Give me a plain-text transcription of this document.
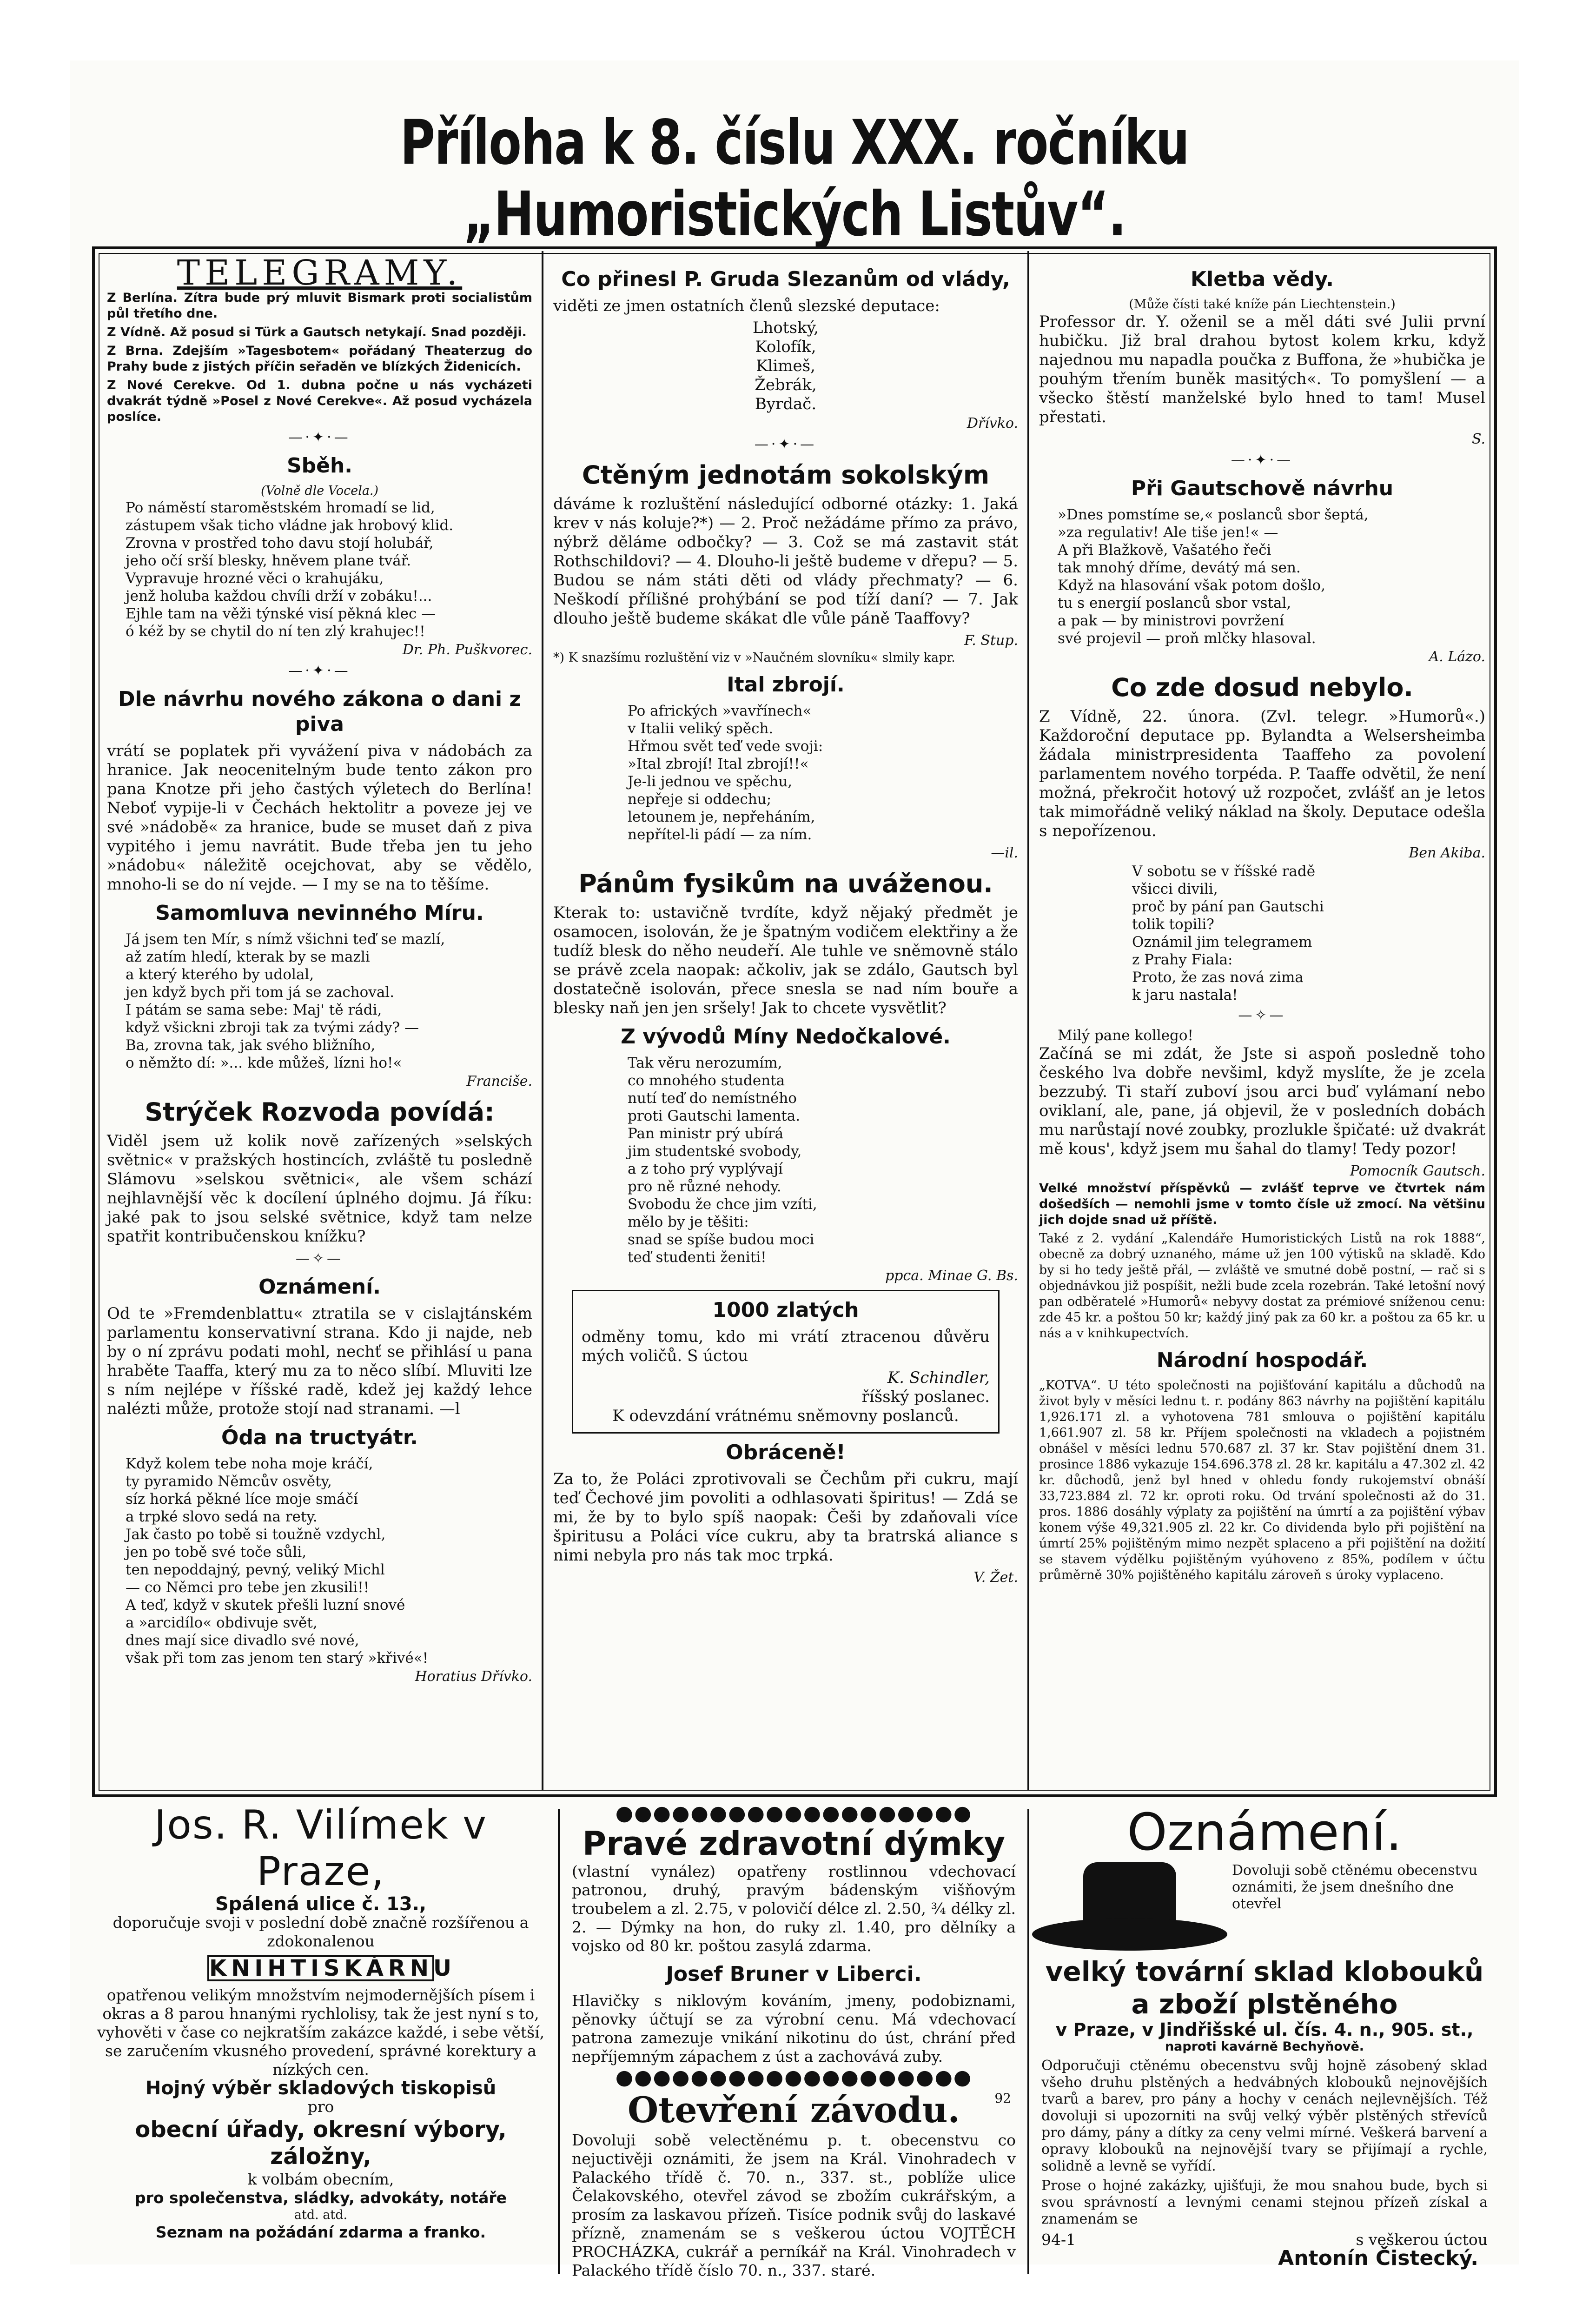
Příloha k 8. číslu XXX. ročníku „Humoristických Listův“.
TELEGRAMY.

Z Berlína. Zítra bude prý mluvit Bismark proti socialistům půl třetího dne.

Z Vídně. Až posud si Türk a Gautsch netykají. Snad později.

Z Brna. Zdejším »Tagesbotem« pořádaný Theaterzug do Prahy bude z jistých příčin seřaděn ve blízkých Židenicích.

Z Nové Cerekve. Od 1. dubna počne u nás vycházeti dvakrát týdně »Posel z Nové Cerekve«. Až posud vycházela poslíce.

—·✦·—
Sběh.
(Volně dle Vocela.)
Po náměstí staroměstském hromadí se lid,
zástupem však ticho vládne jak hrobový klid.
Zrovna v prostřed toho davu stojí holubář,
jeho očí srší blesky, hněvem plane tvář.
Vypravuje hrozné věci o krahujáku,
jenž holuba každou chvíli drží v zobáku!...
Ejhle tam na věži týnské visí pěkná klec —
ó kéž by se chytil do ní ten zlý krahujec!!
Dr. Ph. Puškvorec.
—·✦·—
Dle návrhu nového zákona o dani z piva

vrátí se poplatek při vyvážení piva v nádobách za hranice. Jak neocenitelným bude tento zákon pro pana Knotze při jeho častých výletech do Berlína! Neboť vypije-li v Čechách hektolitr a poveze jej ve své »nádobě« za hranice, bude se muset daň z piva vypitého i jemu navrátit. Bude třeba jen tu jeho »nádobu« náležitě ocejchovat, aby se vědělo, mnoho-li se do ní vejde. — I my se na to těšíme.

Samomluva nevinného Míru.
Já jsem ten Mír, s nímž všichni teď se mazlí,
až zatím hledí, kterak by se mazli
a který kterého by udolal,
jen když bych při tom já se zachoval.
I pátám se sama sebe: Maj' tě rádi,
když všickni zbroji tak za tvými zády? —
Ba, zrovna tak, jak svého bližního,
o němžto dí: »... kde můžeš, lízni ho!«
Franciše.
Strýček Rozvoda povídá:

Viděl jsem už kolik nově zařízených »selských světnic« v pražských hostincích, zvláště tu posledně Slámovu »selskou světnici«, ale všem schází nejhlavnější věc k docílení úplného dojmu. Já říku: jaké pak to jsou selské světnice, když tam nelze spatřit kontribučenskou knížku?

—✧—
Oznámení.

Od te »Fremdenblattu« ztratila se v cislajtánském parlamentu konservativní strana. Kdo ji najde, neb by o ní zprávu podati mohl, nechť se přihlásí u pana hraběte Taaffa, který mu za to něco slíbí. Mluviti lze s ním nejlépe v říšské radě, kdež jej každý lehce nalézti může, protože stojí nad stranami. —l

Óda na tructyátr.
Když kolem tebe noha moje kráčí,
ty pyramido Němcův osvěty,
síz horká pěkné líce moje smáčí
a trpké slovo sedá na rety.
Jak často po tobě si toužně vzdychl,
jen po tobě své toče sůli,
ten nepoddajný, pevný, veliký Michl
— co Němci pro tebe jen zkusili!!
A teď, když v skutek přešli luzní snové
a »arcidílo« obdivuje svět,
dnes mají sice divadlo své nové,
však při tom zas jenom ten starý »křivé«!
Horatius Dřívko.
Co přinesl P. Gruda Slezanům od vlády,

viděti ze jmen ostatních členů slezské deputace:

Lhotský,
Kolofík,
Klimeš,
Žebrák,
Byrdač.
Dřívko.
—·✦·—
Ctěným jednotám sokolským

dáváme k rozluštění následující odborné otázky: 1. Jaká krev v nás koluje?*) — 2. Proč nežádáme přímo za právo, nýbrž děláme odbočky? — 3. Což se má zastavit stát Rothschildovi? — 4. Dlouho-li ještě budeme v dřepu? — 5. Budou se nám státi děti od vlády přechmaty? — 6. Neškodí přílišné prohýbání se pod tíží daní? — 7. Jak dlouho ještě budeme skákat dle vůle páně Taaffovy?

F. Stup.

*) K snazšímu rozluštění viz v »Naučném slovníku« slmily kapr.

Ital zbrojí.
Po afrických »vavřínech«
v Italii veliký spěch.
Hřmou svět teď vede svoji:
»Ital zbrojí! Ital zbrojí!!«
Je-li jednou ve spěchu,
nepřeje si oddechu;
letounem je, nepřeháním,
nepřítel-li pádí — za ním.
—il.
Pánům fysikům na uváženou.

Kterak to: ustavičně tvrdíte, když nějaký předmět je osamocen, isolován, že je špatným vodičem elektřiny a že tudíž blesk do něho neudeří. Ale tuhle ve sněmovně stálo se právě zcela naopak: ačkoliv, jak se zdálo, Gautsch byl dostatečně isolován, přece snesla se nad ním bouře a blesky naň jen jen sršely! Jak to chcete vysvětlit?

Z vývodů Míny Nedočkalové.
Tak věru nerozumím,
co mnohého studenta
nutí teď do nemístného
proti Gautschi lamenta.
Pan ministr prý ubírá
jim studentské svobody,
a z toho prý vyplývají
pro ně různé nehody.
Svobodu že chce jim vzíti,
mělo by je těšiti:
snad se spíše budou moci
teď studenti ženiti!
ppca. Minae G. Bs.
1000 zlatých

odměny tomu, kdo mi vrátí ztracenou důvěru mých voličů. S úctou

K. Schindler,
říšský poslanec.
K odevzdání vrátnému sněmovny poslanců.
Obráceně!

Za to, že Poláci zprotivovali se Čechům při cukru, mají teď Čechové jim povoliti a odhlasovati špiritus! — Zdá se mi, že by to bylo spíš naopak: Češi by zdaňovali více špiritusu a Poláci více cukru, aby ta bratrská aliance s nimi nebyla pro nás tak moc trpká.

V. Žet.
Kletba vědy.
(Může čísti také kníže pán Liechtenstein.)

Professor dr. Y. oženil se a měl dáti své Julii první hubičku. Již bral drahou bytost kolem krku, když najednou mu napadla poučka z Buffona, že »hubička je pouhým třením buněk masitých«. To pomyšlení — a všecko štěstí manželské bylo hned to tam! Musel přestati.

S.
—·✦·—
Při Gautschově návrhu
»Dnes pomstíme se,« poslanců sbor šeptá,
»za regulativ! Ale tiše jen!« —
A při Blažkově, Vašatého řeči
tak mnohý dříme, devátý má sen.
Když na hlasování však potom došlo,
tu s energií poslanců sbor vstal,
a pak — by ministrovi povržení
své projevil — proň mlčky hlasoval.
A. Lázo.
Co zde dosud nebylo.

Z Vídně, 22. února. (Zvl. telegr. »Humorů«.) Každoroční deputace pp. Bylandta a Welsersheimba žádala ministrpresidenta Taaffeho za povolení parlamentem nového torpéda. P. Taaffe odvětil, že není možná, překročit hotový už rozpočet, zvlášť an je letos tak mimořádně veliký náklad na školy. Deputace odešla s nepořízenou.

Ben Akiba.
V sobotu se v říšské radě
všicci divili,
proč by pání pan Gautschi
tolik topili?
Oznámil jim telegramem
z Prahy Fiala:
Proto, že zas nová zima
k jaru nastala!
—✧—
Milý pane kollego!

Začíná se mi zdát, že Jste si aspoň posledně toho českého lva dobře nevšiml, když myslíte, že je zcela bezzubý. Ti staří zuboví jsou arci buď vylámaní nebo oviklaní, ale, pane, já objevil, že v posledních dobách mu narůstají nové zoubky, prozlukle špičaté: už dvakrát mě kous', když jsem mu šahal do tlamy! Tedy pozor!

Pomocník Gautsch.

Velké množství příspěvků — zvlášť teprve ve čtvrtek nám došedších — nemohli jsme v tomto čísle už zmocí. Na většinu jich dojde snad už příště.

Také z 2. vydání „Kalendáře Humoristických Listů na rok 1888“, obecně za dobrý uznaného, máme už jen 100 výtisků na skladě. Kdo by si ho tedy ještě přál, — zvláště ve smutné době postní, — rač si s objednávkou již pospíšit, nežli bude zcela rozebrán. Také letošní nový pan odběratelé »Humorů« nebyvy dostat za prémiové sníženou cenu: zde 45 kr. a poštou 50 kr; každý jiný pak za 60 kr. a poštou za 65 kr. u nás a v knihkupectvích.

Národní hospodář.

„KOTVA“. U této společnosti na pojišťování kapitálu a důchodů na život byly v měsíci lednu t. r. podány 863 návrhy na pojištění kapitálu 1,926.171 zl. a vyhotovena 781 smlouva o pojištění kapitálu 1,661.907 zl. 58 kr. Příjem společnosti na vkladech a pojistném obnášel v měsíci lednu 570.687 zl. 37 kr. Stav pojištění dnem 31. prosince 1886 vykazuje 154.696.378 zl. 28 kr. kapitálu a 47.302 zl. 42 kr. důchodů, jenž byl hned v ohledu fondy rukojemství obnáší 33,723.884 zl. 72 kr. oproti roku. Od trvání společnosti až do 31. pros. 1886 dosáhly výplaty za pojištění na úmrtí a za pojištění výbav konem výše 49,321.905 zl. 22 kr. Co dividenda bylo při pojištění na úmrtí 25% pojištěným mimo nezpět splaceno a při pojištění na dožití se stavem výdělku pojištěným vyúhoveno z 85%, podílem v účtu průměrně 30% pojištěného kapitálu zároveň s úroky vyplaceno.

Jos. R. Vilímek v Praze,
Spálená ulice č. 13.,
doporučuje svoji v poslední době značně rozšířenou a zdokonalenou
KNIHTISKÁRNU
opatřenou velikým množstvím nejmodernějších písem i okras a 8 parou hnanými rychlolisy, tak že jest nyní s to, vyhověti v čase co nejkratším zakázce každé, i sebe větší, se zaručením vkusného provedení, správné korektury a nízkých cen.
Hojný výběr skladových tiskopisů
pro
obecní úřady, okresní výbory, záložny,
k volbám obecním,
pro společenstva, sládky, advokáty, notáře
atd. atd.
Seznam na požádání zdarma a franko.
●●●●●●●●●●●●●●●●●●●
Pravé zdravotní dýmky

(vlastní vynález) opatřeny rostlinnou vdechovací patronou, druhý, pravým bádenským višňovým troubelem a zl. 2.75, v polovičí délce zl. 2.50, ¾ délky zl. 2. — Dýmky na hon, do ruky zl. 1.40, pro dělníky a vojsko od 80 kr. poštou zasylá zdarma.

Josef Bruner v Liberci.

Hlavičky s niklovým kováním, jmeny, podobiznami, pěnovky účtují se za výrobní cenu. Má vdechovací patrona zamezuje vnikání nikotinu do úst, chrání před nepříjemným zápachem z úst a zachovává zuby.

●●●●●●●●●●●●●●●●●●●
Otevření závodu.	92

Dovoluji sobě velectěnému p. t. obecenstvu co nejuctivěji oznámiti, že jsem na Král. Vinohradech v Palackého třídě č. 70. n., 337. st., poblíže ulice Čelakovského, otevřel závod se zbožím cukrářským, a prosím za laskavou přízeň. Tisíce podnik svůj do laskavé přízně, znamenám se s veškerou úctou VOJTĚCH PROCHÁZKA, cukrář a perníkář na Král. Vinohradech v Palackého třídě číslo 70. n., 337. staré.

Oznámení.
Dovoluji sobě ctěnému obecenstvu oznámiti, že jsem dnešního dne otevřel
velký tovární sklad klobouků
a zboží plstěného
v Praze, v Jindřišské ul. čís. 4. n., 905. st.,
naproti kavárně Bechyňově.

Odporučuji ctěnému obecenstvu svůj hojně zásobený sklad všeho druhu plstěných a hedvábných klobouků nejnovějších tvarů a barev, pro pány a hochy v cenách nejlevnějších. Též dovoluji si upozorniti na svůj velký výběr plstěných střevíců pro dámy, pány a dítky za ceny velmi mírné. Veškerá barvení a opravy klobouků na nejnovější tvary se přijímají a rychle, solidně a levně se vyřídí.

Prose o hojné zakázky, ujišťuji, že mou snahou bude, bych si svou správností a levnými cenami stejnou přízeň získal a znamenám se

94-1	s veškerou úctou
Antonín Čistecký.
